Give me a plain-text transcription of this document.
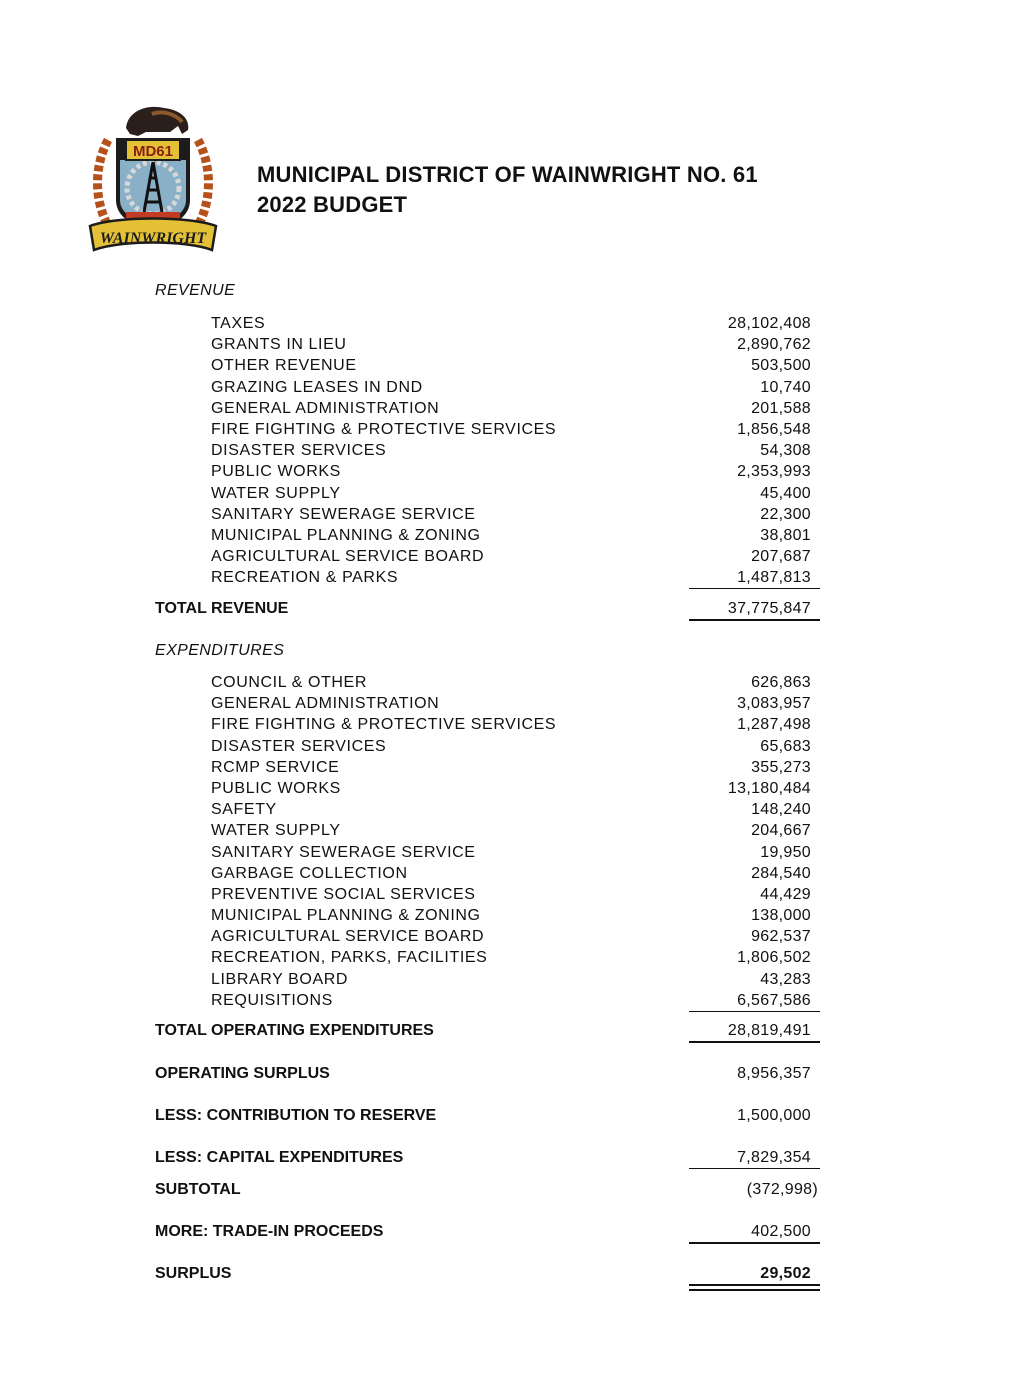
MD61
WAINWRIGHT
MUNICIPAL DISTRICT OF WAINWRIGHT NO. 61
2022 BUDGET
REVENUE
TAXES	28,102,408
GRANTS IN LIEU	2,890,762
OTHER REVENUE	503,500
GRAZING LEASES IN DND	10,740
GENERAL ADMINISTRATION	201,588
FIRE FIGHTING & PROTECTIVE SERVICES	1,856,548
DISASTER SERVICES	54,308
PUBLIC WORKS	2,353,993
WATER SUPPLY	45,400
SANITARY SEWERAGE SERVICE	22,300
MUNICIPAL PLANNING & ZONING	38,801
AGRICULTURAL SERVICE BOARD	207,687
RECREATION & PARKS	1,487,813
TOTAL REVENUE	37,775,847
EXPENDITURES
COUNCIL & OTHER	626,863
GENERAL ADMINISTRATION	3,083,957
FIRE FIGHTING & PROTECTIVE SERVICES	1,287,498
DISASTER SERVICES	65,683
RCMP SERVICE	355,273
PUBLIC WORKS	13,180,484
SAFETY	148,240
WATER SUPPLY	204,667
SANITARY SEWERAGE SERVICE	19,950
GARBAGE COLLECTION	284,540
PREVENTIVE SOCIAL SERVICES	44,429
MUNICIPAL PLANNING & ZONING	138,000
AGRICULTURAL SERVICE BOARD	962,537
RECREATION, PARKS, FACILITIES	1,806,502
LIBRARY BOARD	43,283
REQUISITIONS	6,567,586
TOTAL OPERATING EXPENDITURES	28,819,491
OPERATING SURPLUS	8,956,357
LESS: CONTRIBUTION TO RESERVE	1,500,000
LESS: CAPITAL EXPENDITURES	7,829,354
SUBTOTAL	(372,998)
MORE: TRADE-IN PROCEEDS	402,500
SURPLUS	29,502
